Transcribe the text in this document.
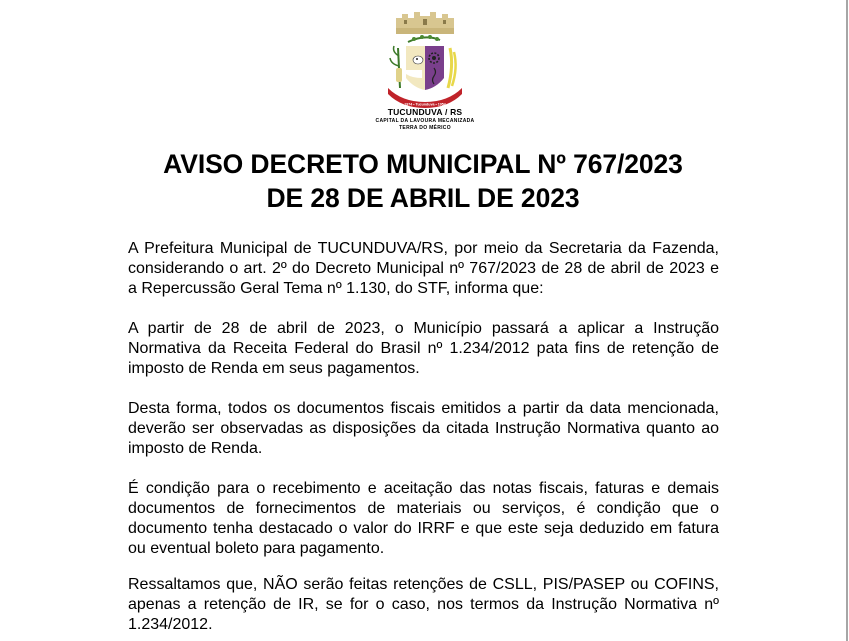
1974 • Tucunduva • 1954
TUCUNDUVA / RS
CAPITAL DA LAVOURA MECANIZADA
TERRA DO MÉRICO
AVISO DECRETO MUNICIPAL Nº 767/2023
DE 28 DE ABRIL DE 2023

A Prefeitura Municipal de TUCUNDUVA/RS, por meio da Secretaria da Fazenda, considerando o art. 2º do Decreto Municipal nº 767/2023 de 28 de abril de 2023 e a Repercussão Geral Tema nº 1.130, do STF, informa que:

A partir de 28 de abril de 2023, o Município passará a aplicar a Instrução Normativa da Receita Federal do Brasil nº 1.234/2012 pata fins de retenção de imposto de Renda em seus pagamentos.

Desta forma, todos os documentos fiscais emitidos a partir da data mencionada, deverão ser observadas as disposições da citada Instrução Normativa quanto ao imposto de Renda.

É condição para o recebimento e aceitação das notas fiscais, faturas e demais documentos de fornecimentos de materiais ou serviços, é condição que o documento tenha destacado o valor do IRRF e que este seja deduzido em fatura ou eventual boleto para pagamento.

Ressaltamos que, NÃO serão feitas retenções de CSLL, PIS/PASEP ou COFINS, apenas a retenção de IR, se for o caso, nos termos da Instrução Normativa nº 1.234/2012.
